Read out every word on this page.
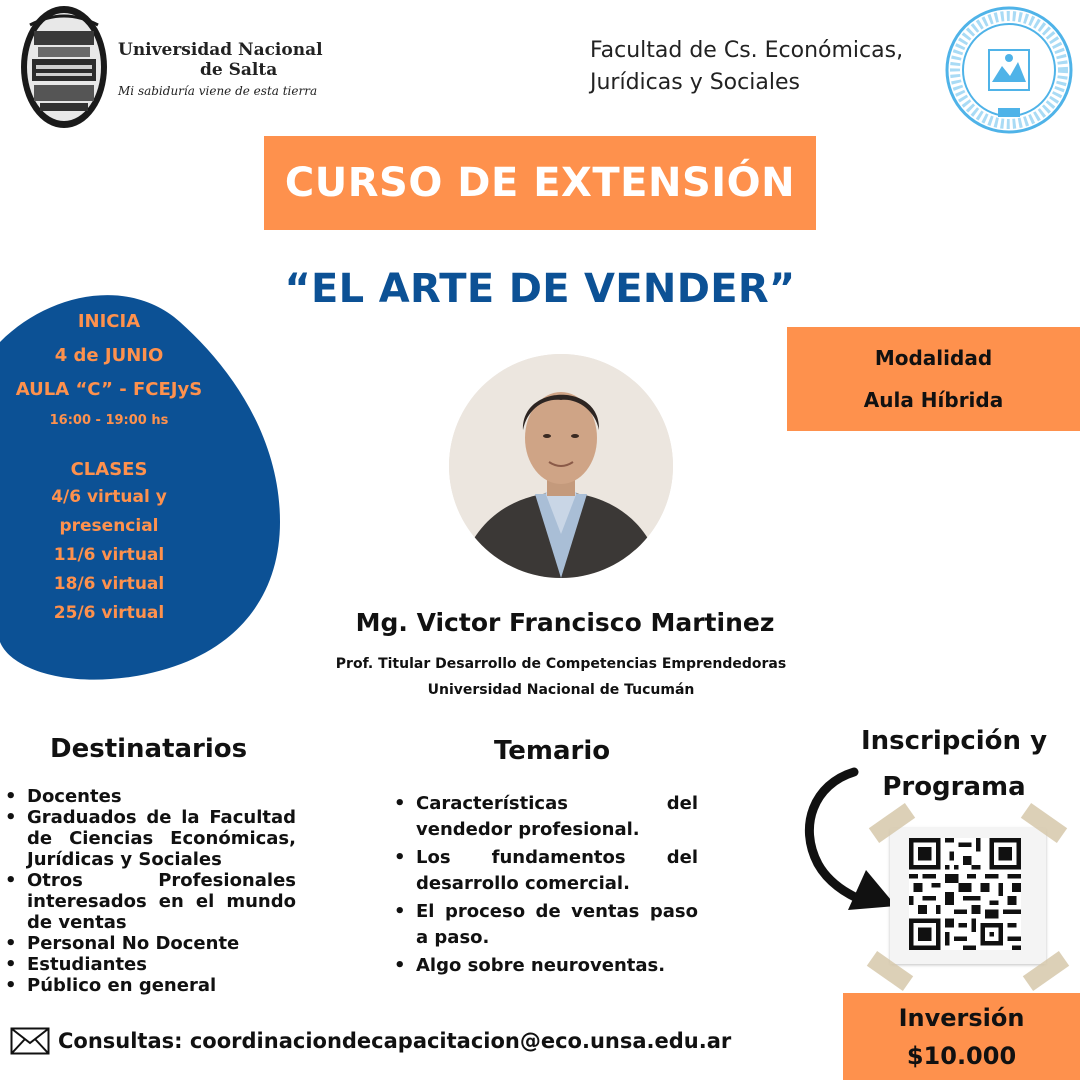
Universidad Nacional
de Salta
Mi sabiduría viene de esta tierra
Facultad de Cs. Económicas,
Jurídicas y Sociales
CURSO DE EXTENSIÓN
“EL ARTE DE VENDER”
INICIA
4 de JUNIO
AULA “C” - FCEJyS
16:00 - 19:00 hs
CLASES
4/6 virtual y presencial
11/6 virtual
18/6 virtual
25/6 virtual
Modalidad
Aula Híbrida
Mg. Victor Francisco Martinez
Prof. Titular Desarrollo de Competencias Emprendedoras
Universidad Nacional de Tucumán
Destinatarios
• Docentes
• Graduados de la Facultad de Ciencias Económicas, Jurídicas y Sociales
• Otros Profesionales interesados en el mundo de ventas
• Personal No Docente
• Estudiantes
• Público en general
Temario
• Características del vendedor profesional.
• Los fundamentos del desarrollo comercial.
• El proceso de ventas paso a paso.
• Algo sobre neuroventas.
Inscripción y
Programa
Inversión
$10.000
Consultas: coordinaciondecapacitacion@eco.unsa.edu.ar
